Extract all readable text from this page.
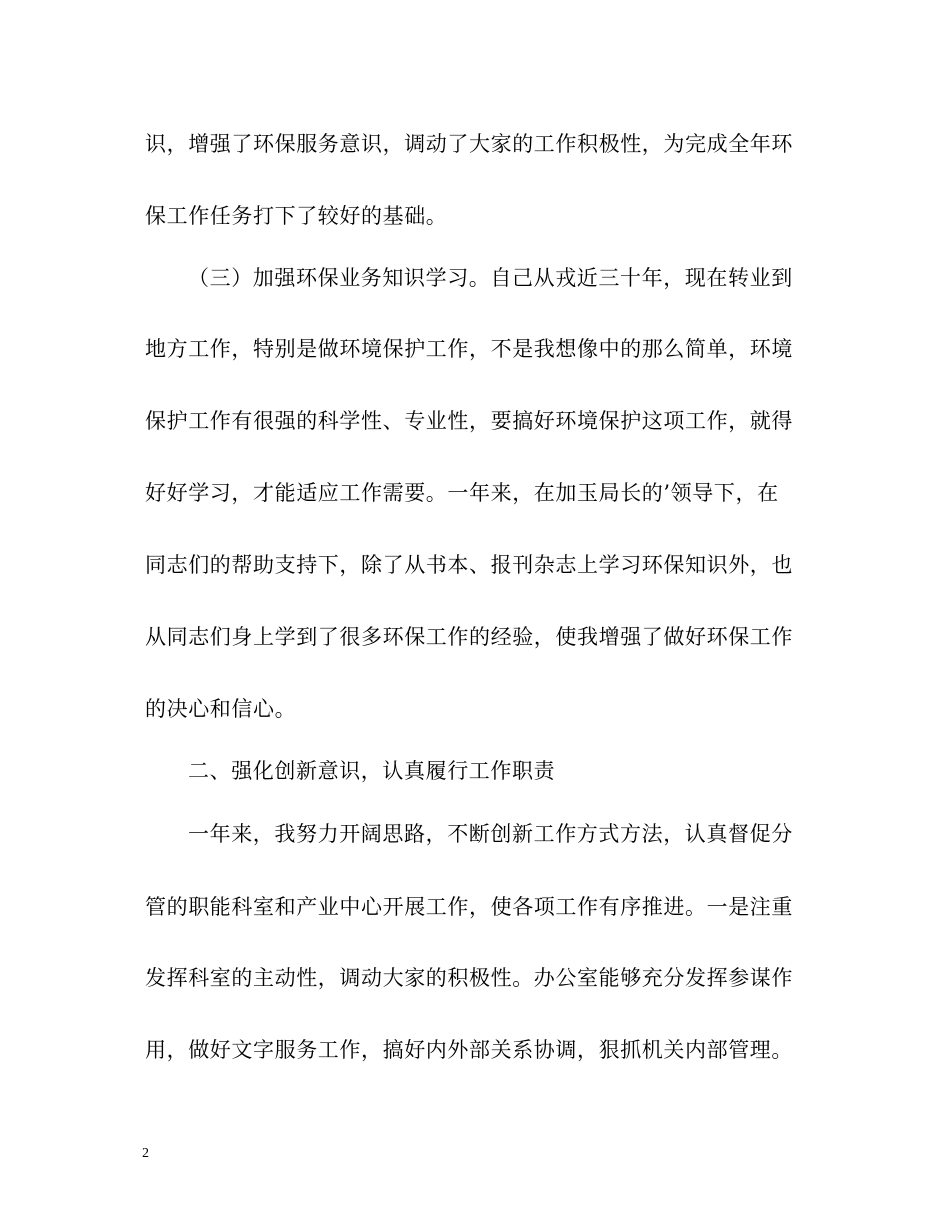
识，增强了环保服务意识，调动了大家的工作积极性，为完成全年环
保工作任务打下了较好的基础。
（三）加强环保业务知识学习。自己从戎近三十年，现在转业到
地方工作，特别是做环境保护工作，不是我想像中的那么简单，环境
保护工作有很强的科学性、专业性，要搞好环境保护这项工作，就得
好好学习，才能适应工作需要。一年来，在加玉局长的’领导下，在
同志们的帮助支持下，除了从书本、报刊杂志上学习环保知识外，也
从同志们身上学到了很多环保工作的经验，使我增强了做好环保工作
的决心和信心。
二、强化创新意识，认真履行工作职责
一年来，我努力开阔思路，不断创新工作方式方法，认真督促分
管的职能科室和产业中心开展工作，使各项工作有序推进。一是注重
发挥科室的主动性，调动大家的积极性。办公室能够充分发挥参谋作
用，做好文字服务工作，搞好内外部关系协调，狠抓机关内部管理。
2
